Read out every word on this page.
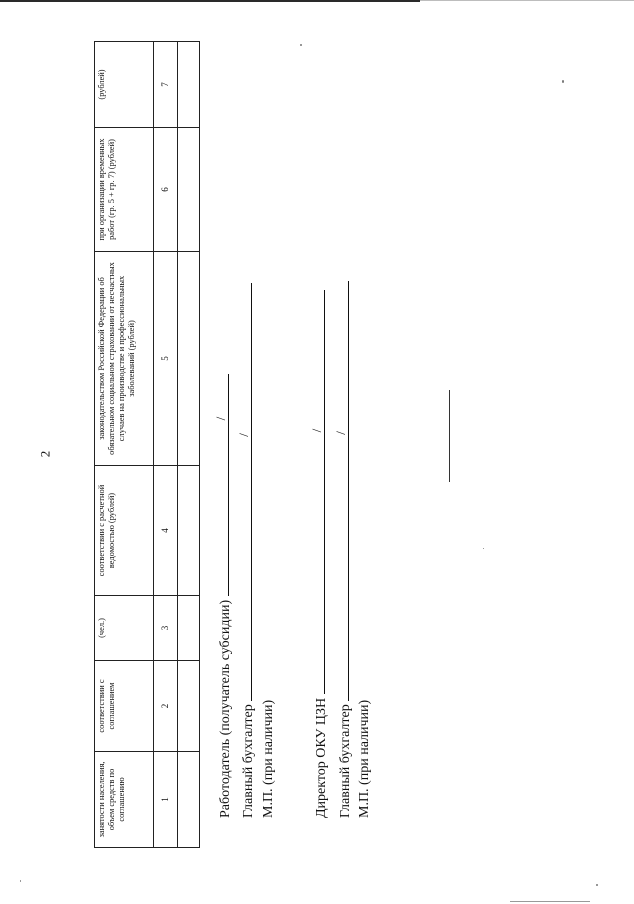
2
занятости населения, объем средств по соглашению	соответствии с соглашением	(чел.)	соответствии с расчетной ведомостью (рублей)	законодательством Российской Федерации об обязательном социальном страховании от несчастных случаев на производстве и профессиональных заболеваний (рублей)	при организации временных работ (гр. 5 + гр. 7) (рублей)	(рублей)
1	2	3	4	5	6	7

Работодатель (получатель субсидии)
/
Главный бухгалтер
/
М.П. (при наличии)	Директор ОКУ ЦЗН
/
Главный бухгалтер
/
М.П. (при наличии)
